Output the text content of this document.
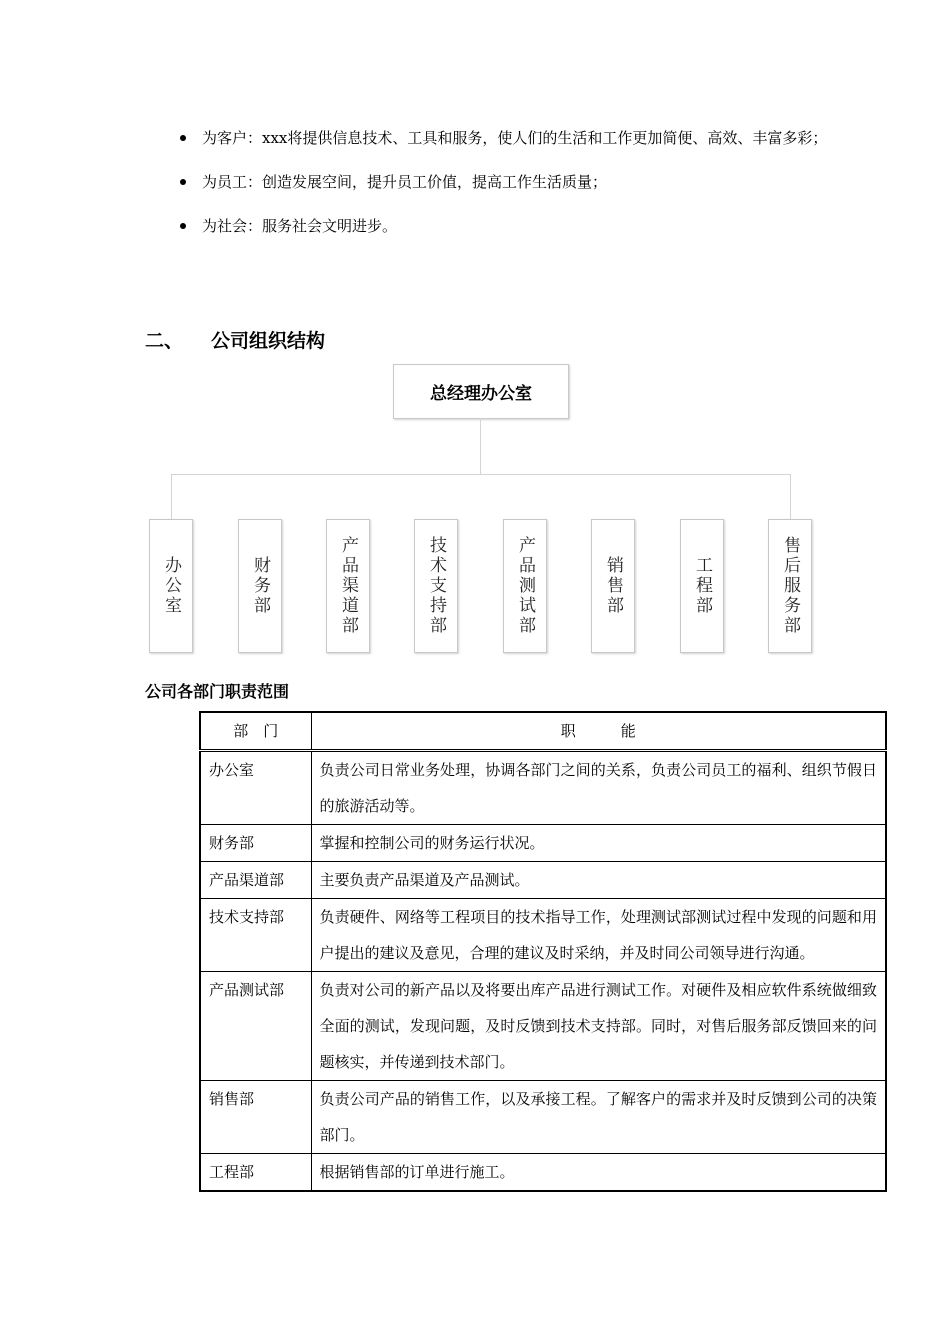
为客户：xxx将提供信息技术、工具和服务，使人们的生活和工作更加简便、高效、丰富多彩；
为员工：创造发展空间，提升员工价值，提高工作生活质量；
为社会：服务社会文明进步。
二、 公司组织结构
总经理办公室
办公室	财务部	产品渠道部	技术支持部	产品测试部	销售部	工程部	售后服务部
公司各部门职责范围
部　门	职　　　能
办公室	负责公司日常业务处理，协调各部门之间的关系，负责公司员工的福利、组织节假日的旅游活动等。
财务部	掌握和控制公司的财务运行状况。
产品渠道部	主要负责产品渠道及产品测试。
技术支持部	负责硬件、网络等工程项目的技术指导工作，处理测试部测试过程中发现的问题和用户提出的建议及意见，合理的建议及时采纳，并及时同公司领导进行沟通。
产品测试部	负责对公司的新产品以及将要出库产品进行测试工作。对硬件及相应软件系统做细致全面的测试，发现问题，及时反馈到技术支持部。同时，对售后服务部反馈回来的问题核实，并传递到技术部门。
销售部	负责公司产品的销售工作，以及承接工程。了解客户的需求并及时反馈到公司的决策部门。
工程部	根据销售部的订单进行施工。
